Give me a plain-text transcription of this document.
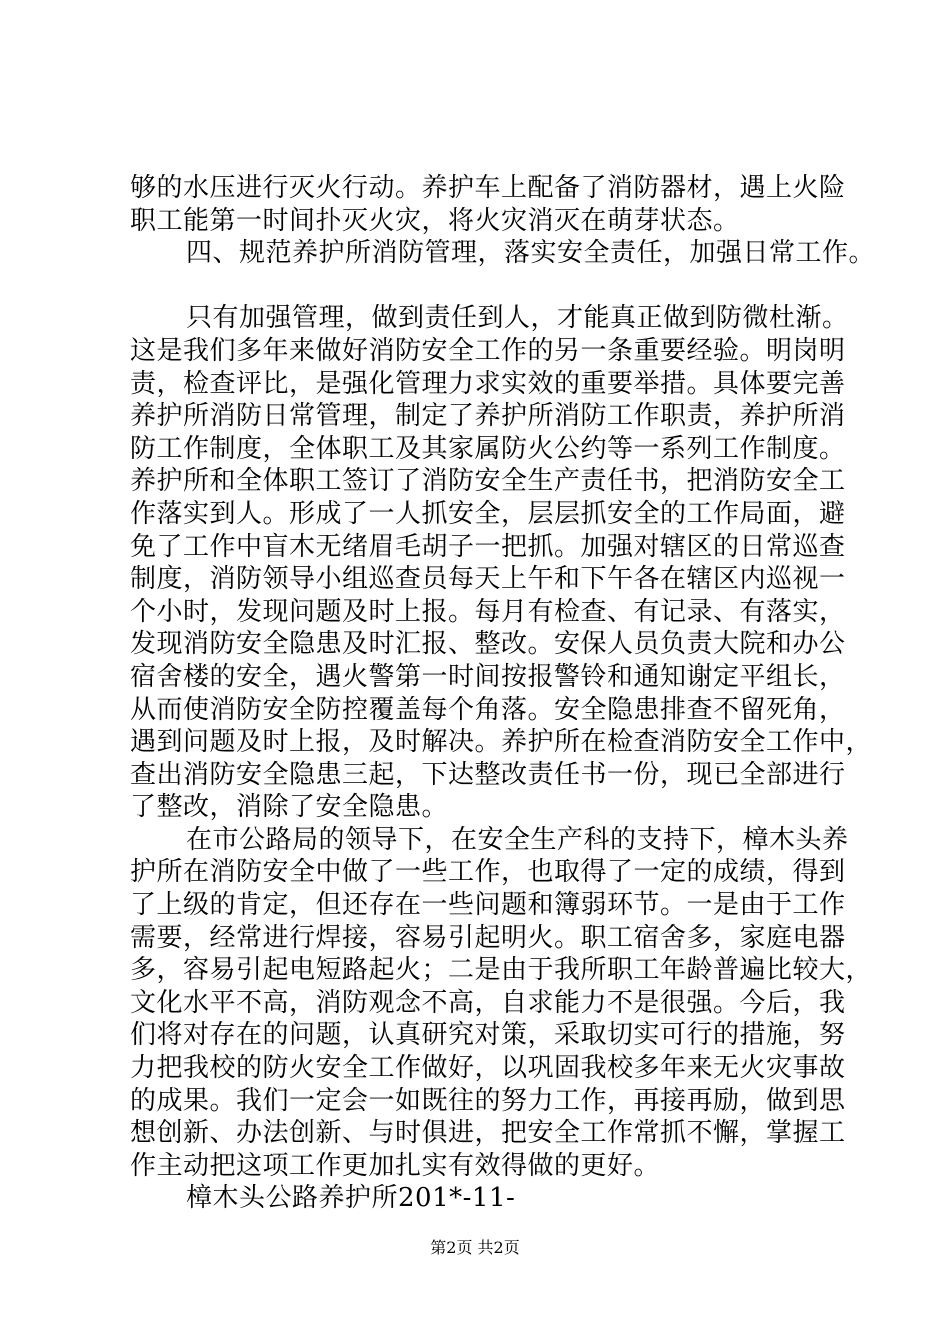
够的水压进行灭火行动。养护车上配备了消防器材，遇上火险
职工能第一时间扑灭火灾，将火灾消灭在萌芽状态。
四、规范养护所消防管理，落实安全责任，加强日常工作。
只有加强管理，做到责任到人，才能真正做到防微杜渐。
这是我们多年来做好消防安全工作的另一条重要经验。明岗明
责，检查评比，是强化管理力求实效的重要举措。具体要完善
养护所消防日常管理，制定了养护所消防工作职责，养护所消
防工作制度，全体职工及其家属防火公约等一系列工作制度。
养护所和全体职工签订了消防安全生产责任书，把消防安全工
作落实到人。形成了一人抓安全，层层抓安全的工作局面，避
免了工作中盲木无绪眉毛胡子一把抓。加强对辖区的日常巡查
制度，消防领导小组巡查员每天上午和下午各在辖区内巡视一
个小时，发现问题及时上报。每月有检查、有记录、有落实，
发现消防安全隐患及时汇报、整改。安保人员负责大院和办公
宿舍楼的安全，遇火警第一时间按报警铃和通知谢定平组长，
从而使消防安全防控覆盖每个角落。安全隐患排查不留死角，
遇到问题及时上报，及时解决。养护所在检查消防安全工作中，
查出消防安全隐患三起，下达整改责任书一份，现已全部进行
了整改，消除了安全隐患。
在市公路局的领导下，在安全生产科的支持下，樟木头养
护所在消防安全中做了一些工作，也取得了一定的成绩，得到
了上级的肯定，但还存在一些问题和簿弱环节。一是由于工作
需要，经常进行焊接，容易引起明火。职工宿舍多，家庭电器
多，容易引起电短路起火；二是由于我所职工年龄普遍比较大，
文化水平不高，消防观念不高，自求能力不是很强。今后，我
们将对存在的问题，认真研究对策，采取切实可行的措施，努
力把我校的防火安全工作做好，以巩固我校多年来无火灾事故
的成果。我们一定会一如既往的努力工作，再接再励，做到思
想创新、办法创新、与时俱进，把安全工作常抓不懈，掌握工
作主动把这项工作更加扎实有效得做的更好。
樟木头公路养护所201*-11-
第2页 共2页
